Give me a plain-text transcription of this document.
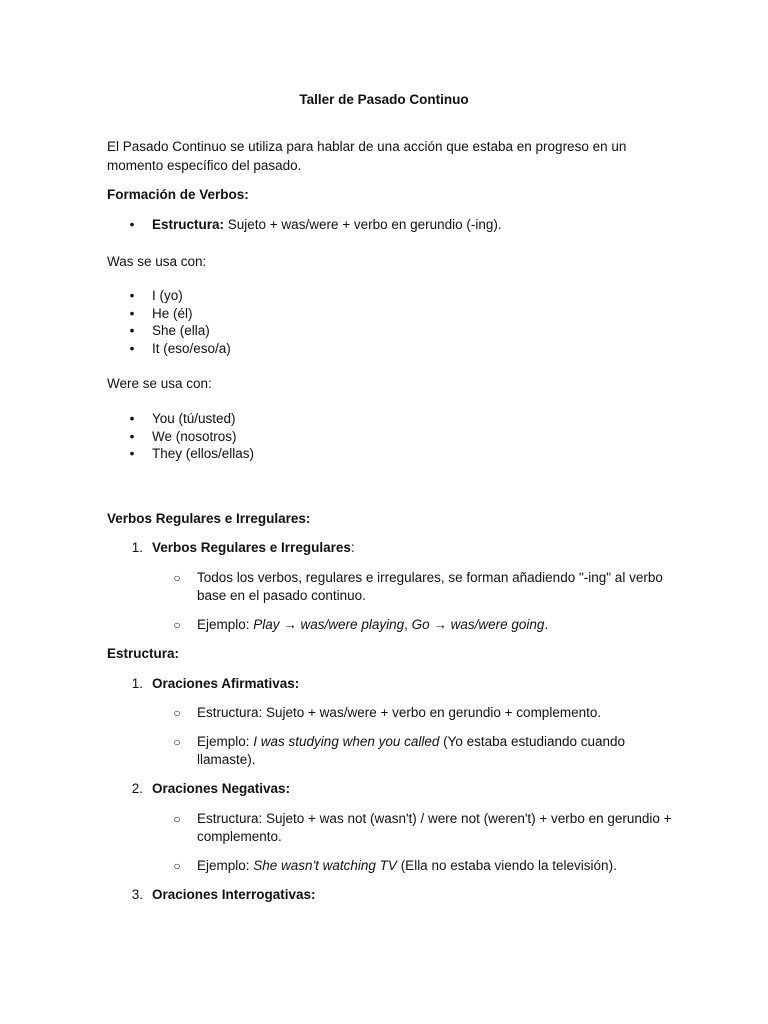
Taller de Pasado Continuo
El Pasado Continuo se utiliza para hablar de una acción que estaba en progreso en un
momento específico del pasado.
Formación de Verbos:
• Estructura: Sujeto + was/were + verbo en gerundio (-ing).
Was se usa con:
• I (yo)
• He (él)
• She (ella)
• It (eso/eso/a)
Were se usa con:
• You (tú/usted)
• We (nosotros)
• They (ellos/ellas)
Verbos Regulares e Irregulares:
1. Verbos Regulares e Irregulares:
○ Todos los verbos, regulares e irregulares, se forman añadiendo "-ing" al verbo
base en el pasado continuo.
○ Ejemplo: Play → was/were playing, Go → was/were going.
Estructura:
1. Oraciones Afirmativas:
○ Estructura: Sujeto + was/were + verbo en gerundio + complemento.
○ Ejemplo: I was studying when you called (Yo estaba estudiando cuando
llamaste).
2. Oraciones Negativas:
○ Estructura: Sujeto + was not (wasn't) / were not (weren't) + verbo en gerundio +
complemento.
○ Ejemplo: She wasn't watching TV (Ella no estaba viendo la televisión).
3. Oraciones Interrogativas:
